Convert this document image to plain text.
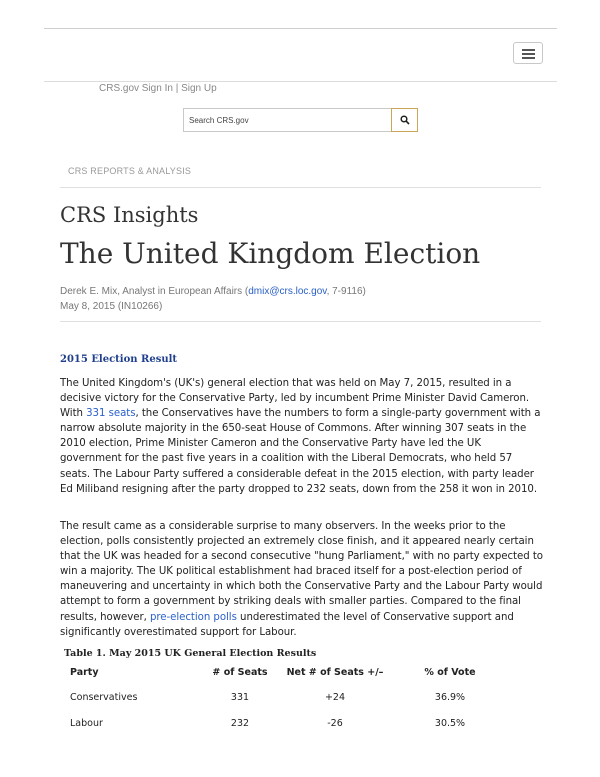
CRS.gov Sign In | Sign Up
Search CRS.gov
CRS REPORTS & ANALYSIS
CRS Insights
The United Kingdom Election
Derek E. Mix, Analyst in European Affairs (dmix@crs.loc.gov, 7-9116)
May 8, 2015 (IN10266)
2015 Election Result

The United Kingdom's (UK's) general election that was held on May 7, 2015, resulted in a decisive victory for the Conservative Party, led by incumbent Prime Minister David Cameron. With 331 seats, the Conservatives have the numbers to form a single-party government with a narrow absolute majority in the 650-seat House of Commons. After winning 307 seats in the 2010 election, Prime Minister Cameron and the Conservative Party have led the UK government for the past five years in a coalition with the Liberal Democrats, who held 57 seats. The Labour Party suffered a considerable defeat in the 2015 election, with party leader Ed Miliband resigning after the party dropped to 232 seats, down from the 258 it won in 2010.

The result came as a considerable surprise to many observers. In the weeks prior to the election, polls consistently projected an extremely close finish, and it appeared nearly certain that the UK was headed for a second consecutive "hung Parliament," with no party expected to win a majority. The UK political establishment had braced itself for a post-election period of maneuvering and uncertainty in which both the Conservative Party and the Labour Party would attempt to form a government by striking deals with smaller parties. Compared to the final results, however, pre-election polls underestimated the level of Conservative support and significantly overestimated support for Labour.

Table 1. May 2015 UK General Election Results
Party	# of Seats	Net # of Seats +/–	% of Vote
Conservatives	331	+24	36.9%
Labour	232	-26	30.5%
